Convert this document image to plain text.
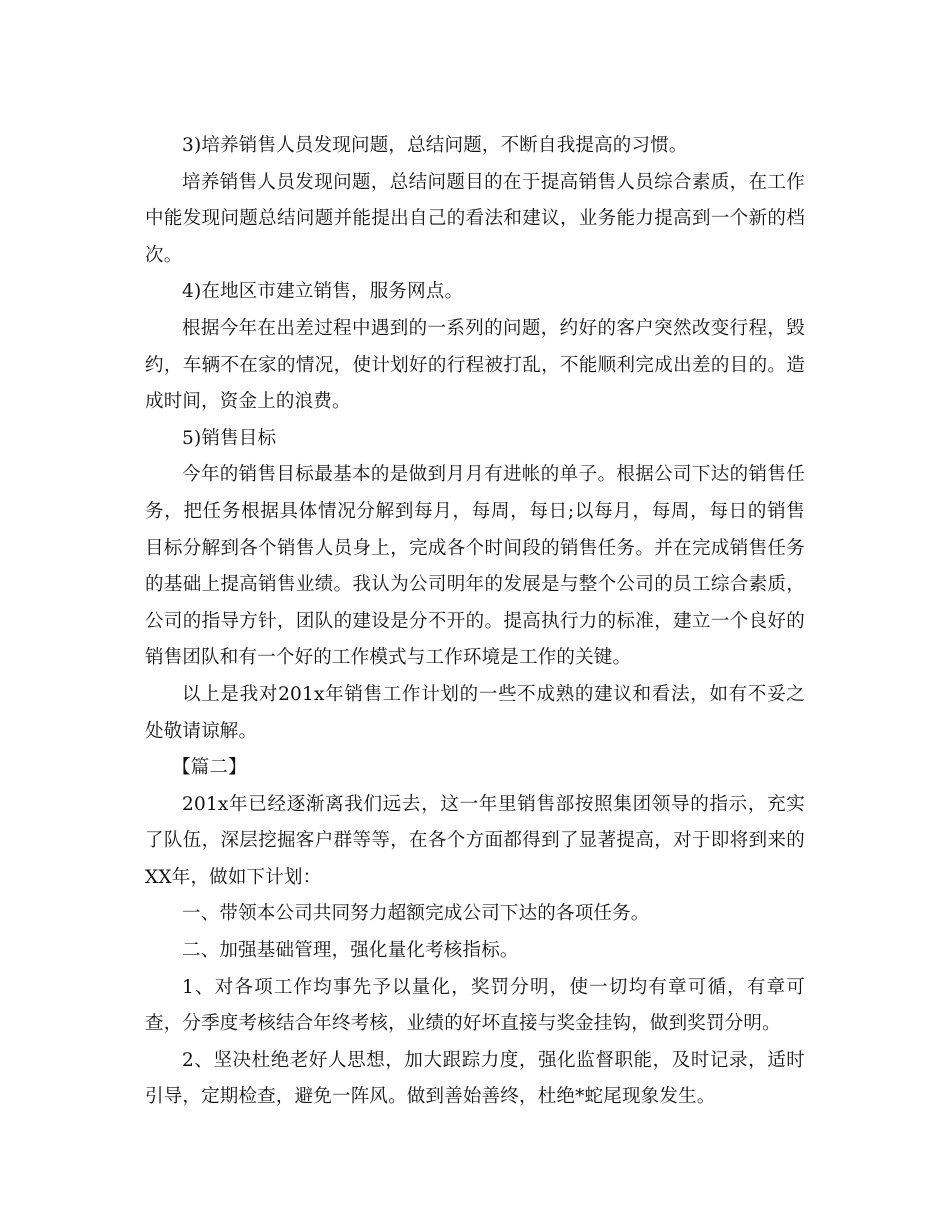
3)培养销售人员发现问题，总结问题，不断自我提高的习惯。

培养销售人员发现问题，总结问题目的在于提高销售人员综合素质，在工作中能发现问题总结问题并能提出自己的看法和建议，业务能力提高到一个新的档次。

4)在地区市建立销售，服务网点。

根据今年在出差过程中遇到的一系列的问题，约好的客户突然改变行程，毁约，车辆不在家的情况，使计划好的行程被打乱，不能顺利完成出差的目的。造成时间，资金上的浪费。

5)销售目标

今年的销售目标最基本的是做到月月有进帐的单子。根据公司下达的销售任务，把任务根据具体情况分解到每月，每周，每日;以每月，每周，每日的销售目标分解到各个销售人员身上，完成各个时间段的销售任务。并在完成销售任务的基础上提高销售业绩。我认为公司明年的发展是与整个公司的员工综合素质，公司的指导方针，团队的建设是分不开的。提高执行力的标准，建立一个良好的销售团队和有一个好的工作模式与工作环境是工作的关键。

以上是我对201x年销售工作计划的一些不成熟的建议和看法，如有不妥之处敬请谅解。

【篇二】

201x年已经逐渐离我们远去，这一年里销售部按照集团领导的指示，充实了队伍，深层挖掘客户群等等，在各个方面都得到了显著提高，对于即将到来的XX年，做如下计划：

一、带领本公司共同努力超额完成公司下达的各项任务。

二、加强基础管理，强化量化考核指标。

1、对各项工作均事先予以量化，奖罚分明，使一切均有章可循，有章可查，分季度考核结合年终考核，业绩的好坏直接与奖金挂钩，做到奖罚分明。

2、坚决杜绝老好人思想，加大跟踪力度，强化监督职能，及时记录，适时引导，定期检查，避免一阵风。做到善始善终，杜绝*蛇尾现象发生。
